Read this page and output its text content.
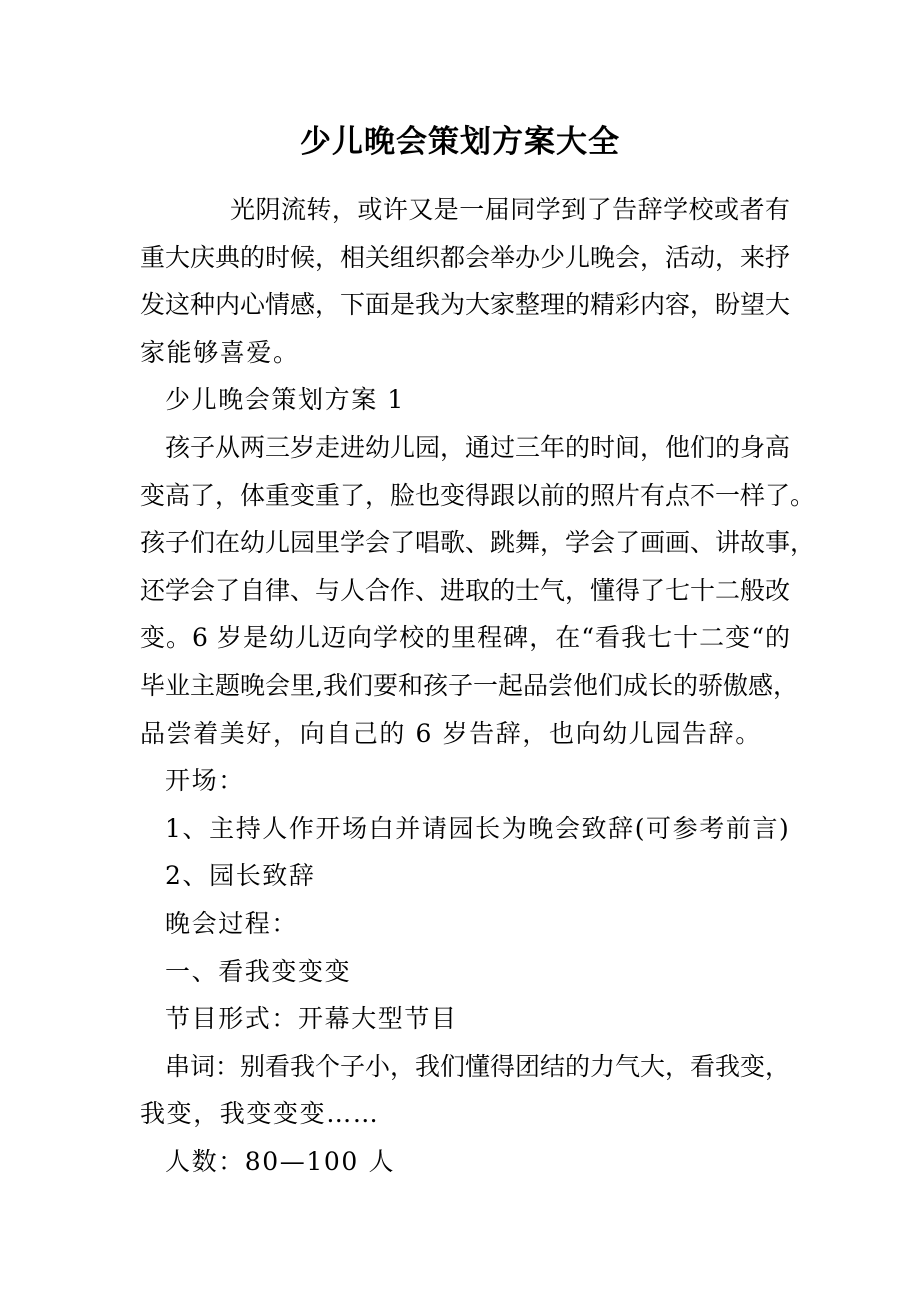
少儿晚会策划方案大全
光阴流转，或许又是一届同学到了告辞学校或者有
重大庆典的时候，相关组织都会举办少儿晚会，活动，来抒
发这种内心情感，下面是我为大家整理的精彩内容，盼望大
家能够喜爱。
少儿晚会策划方案 1
孩子从两三岁走进幼儿园，通过三年的时间，他们的身高
变高了，体重变重了，脸也变得跟以前的照片有点不一样了。
孩子们在幼儿园里学会了唱歌、跳舞，学会了画画、讲故事，
还学会了自律、与人合作、进取的士气，懂得了七十二般改
变。6 岁是幼儿迈向学校的里程碑，在“看我七十二变“的
毕业主题晚会里,我们要和孩子一起品尝他们成长的骄傲感，
品尝着美好，向自己的 6 岁告辞，也向幼儿园告辞。
开场：
1、主持人作开场白并请园长为晚会致辞(可参考前言)
2、园长致辞
晚会过程：
一、看我变变变
节目形式：开幕大型节目
串词：别看我个子小，我们懂得团结的力气大，看我变，
我变，我变变变……
人数：80—100 人
